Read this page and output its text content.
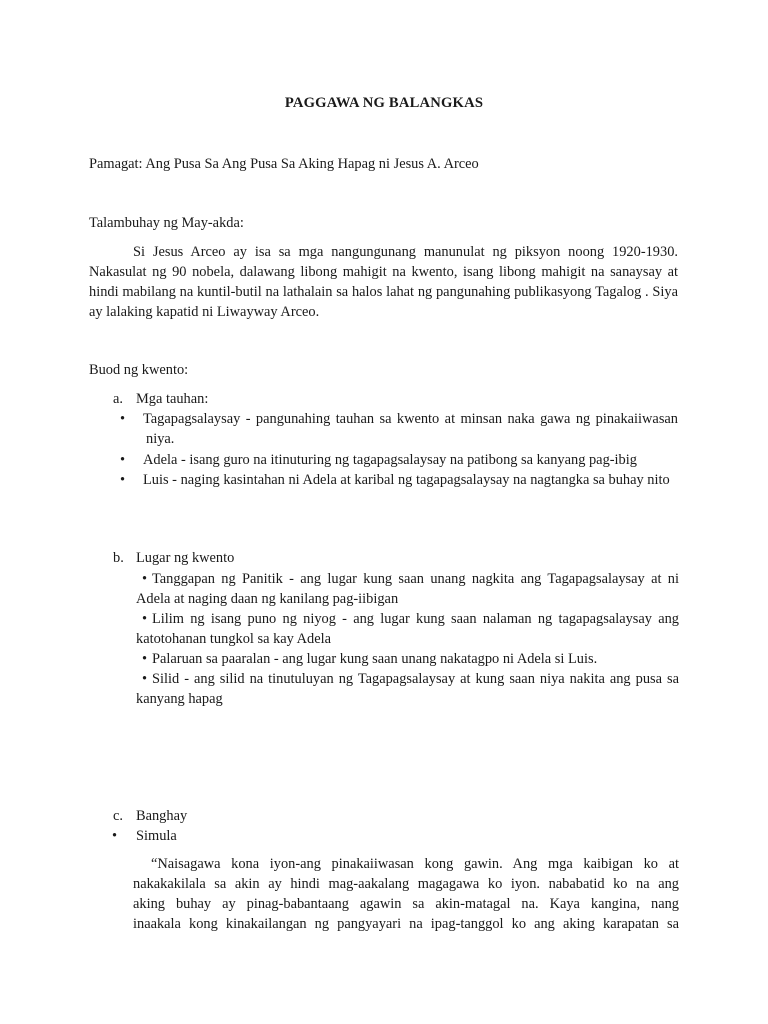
PAGGAWA NG BALANGKAS
Pamagat: Ang Pusa Sa Ang Pusa Sa Aking Hapag ni Jesus A. Arceo
Talambuhay ng May-akda:
Si Jesus Arceo ay isa sa mga nangungunang manunulat ng piksyon noong 1920-1930. Nakasulat ng 90 nobela, dalawang libong mahigit na kwento, isang libong mahigit na sanaysay at hindi mabilang na kuntil-butil na lathalain sa halos lahat ng pangunahing publikasyong Tagalog . Siya ay lalaking kapatid ni Liwayway Arceo.
Buod ng kwento:
a. Mga tauhan:
• Tagapagsalaysay - pangunahing tauhan sa kwento at minsan naka gawa ng pinakaiiwasan niya.
• Adela - isang guro na itinuturing ng tagapagsalaysay na patibong sa kanyang pag-ibig
• Luis - naging kasintahan ni Adela at karibal ng tagapagsalaysay na nagtangka sa buhay nito
b. Lugar ng kwento
• Tanggapan ng Panitik - ang lugar kung saan unang nagkita ang Tagapagsalaysay at ni Adela at naging daan ng kanilang pag-iibigan
• Lilim ng isang puno ng niyog - ang lugar kung saan nalaman ng tagapagsalaysay ang katotohanan tungkol sa kay Adela
• Palaruan sa paaralan - ang lugar kung saan unang nakatagpo ni Adela si Luis.
• Silid - ang silid na tinutuluyan ng Tagapagsalaysay at kung saan niya nakita ang pusa sa kanyang hapag
c. Banghay
• Simula
“Naisagawa kona iyon-ang pinakaiiwasan kong gawin. Ang mga kaibigan ko at
nakakakilala sa akin ay hindi mag-aakalang magagawa ko iyon. nababatid ko na ang
aking buhay ay pinag-babantaang agawin sa akin-matagal na. Kaya kangina, nang
inaakala kong kinakailangan ng pangyayari na ipag-tanggol ko ang aking karapatan sa
